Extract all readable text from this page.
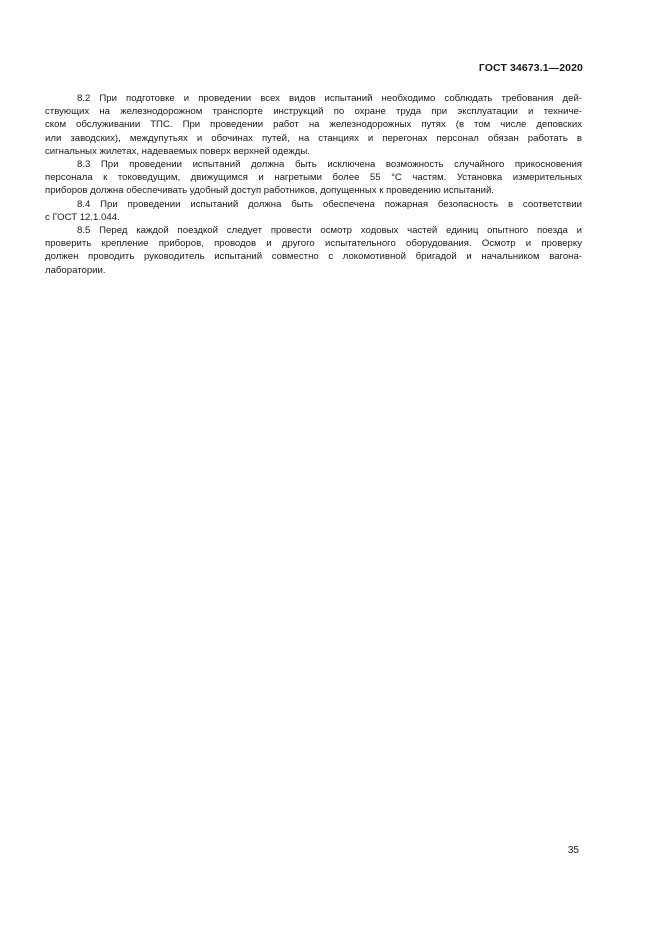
ГОСТ 34673.1—2020

8.2 При подготовке и проведении всех видов испытаний необходимо соблюдать требования дей-
ствующих на железнодорожном транспорте инструкций по охране труда при эксплуатации и техниче-
ском обслуживании ТПС. При проведении работ на железнодорожных путях (в том числе деповских
или заводских), междупутьях и обочинах путей, на станциях и перегонах персонал обязан работать в
сигнальных жилетах, надеваемых поверх верхней одежды.

8.3 При проведении испытаний должна быть исключена возможность случайного прикосновения
персонала к токоведущим, движущимся и нагретыми более 55 °С частям. Установка измерительных
приборов должна обеспечивать удобный доступ работников, допущенных к проведению испытаний.

8.4 При проведении испытаний должна быть обеспечена пожарная безопасность в соответствии
с ГОСТ 12.1.044.

8.5 Перед каждой поездкой следует провести осмотр ходовых частей единиц опытного поезда и
проверить крепление приборов, проводов и другого испытательного оборудования. Осмотр и проверку
должен проводить руководитель испытаний совместно с локомотивной бригадой и начальником вагона-
лаборатории.

35
